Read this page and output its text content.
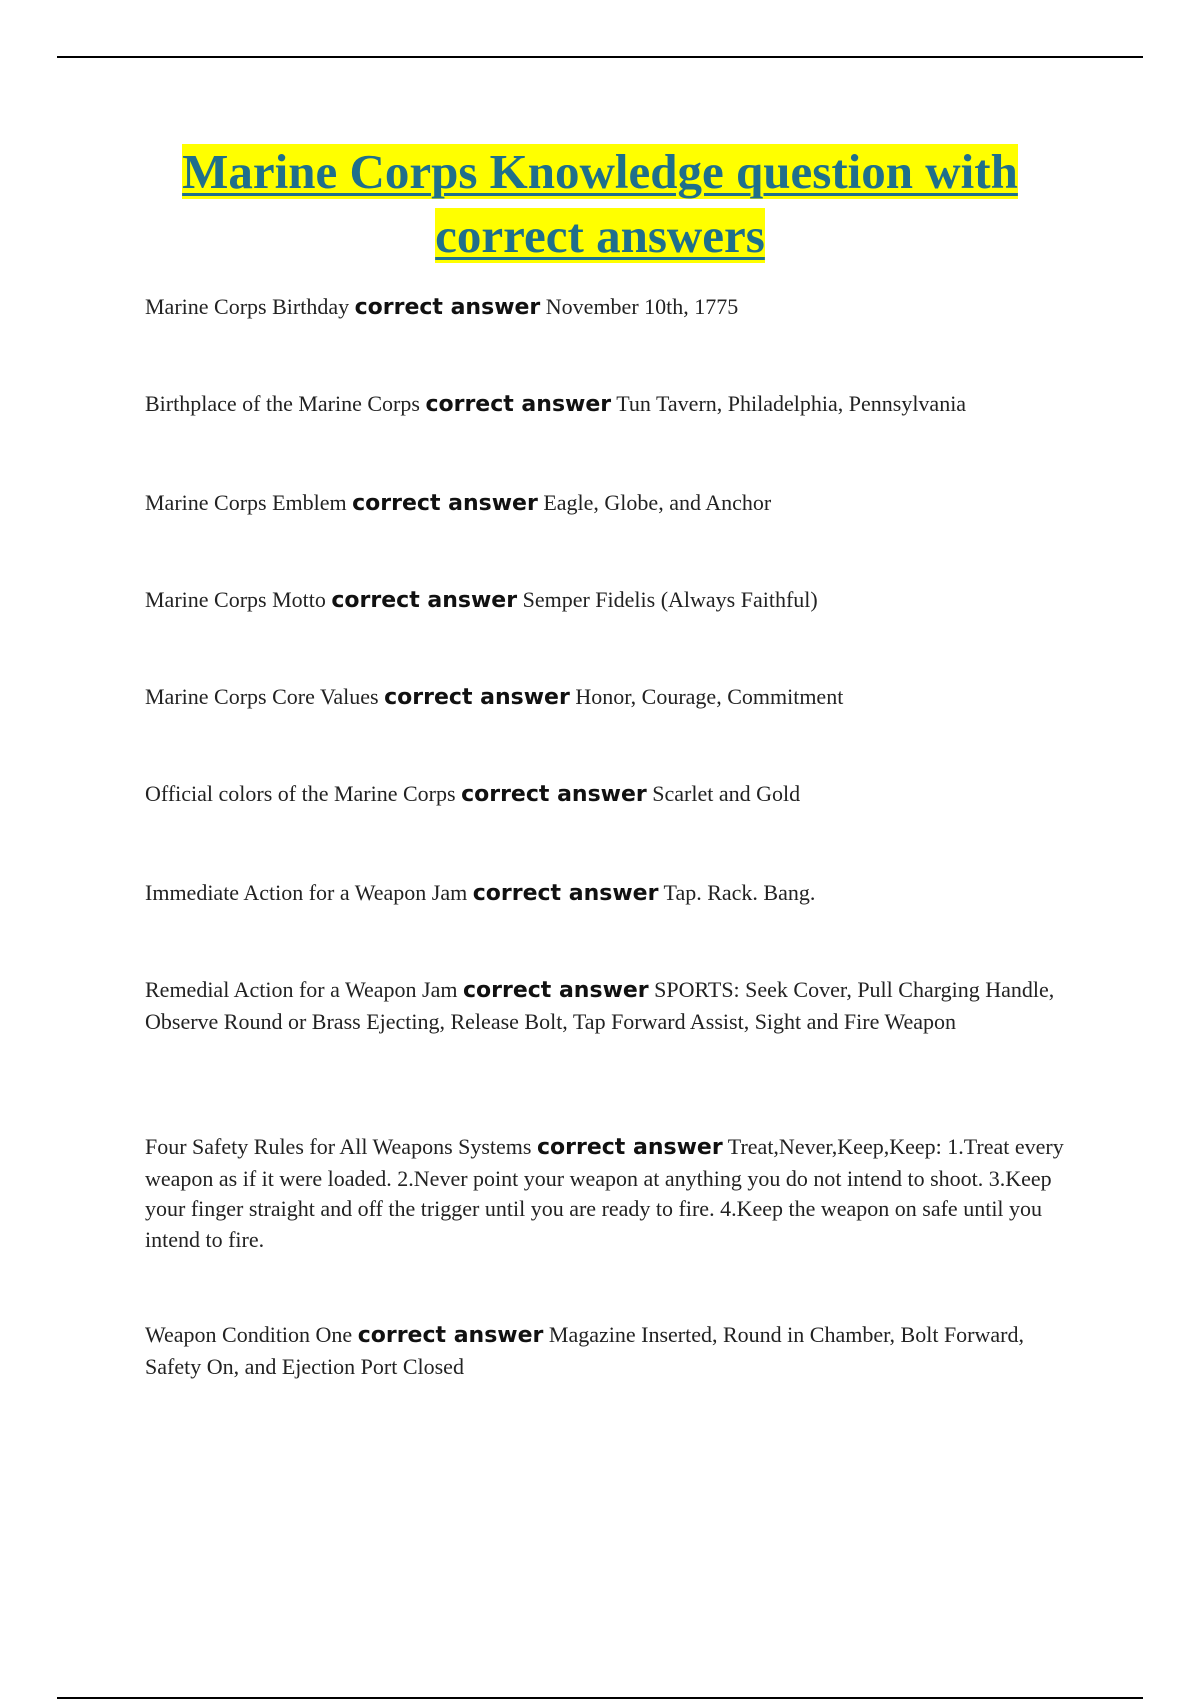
Marine Corps Knowledge question with
correct answers

Marine Corps Birthday correct answer November 10th, 1775

Birthplace of the Marine Corps correct answer Tun Tavern, Philadelphia, Pennsylvania

Marine Corps Emblem correct answer Eagle, Globe, and Anchor

Marine Corps Motto correct answer Semper Fidelis (Always Faithful)

Marine Corps Core Values correct answer Honor, Courage, Commitment

Official colors of the Marine Corps correct answer Scarlet and Gold

Immediate Action for a Weapon Jam correct answer Tap. Rack. Bang.

Remedial Action for a Weapon Jam correct answer SPORTS: Seek Cover, Pull Charging Handle, Observe Round or Brass Ejecting, Release Bolt, Tap Forward Assist, Sight and Fire Weapon

Four Safety Rules for All Weapons Systems correct answer Treat,Never,Keep,Keep: 1.Treat every weapon as if it were loaded. 2.Never point your weapon at anything you do not intend to shoot. 3.Keep your finger straight and off the trigger until you are ready to fire. 4.Keep the weapon on safe until you intend to fire.

Weapon Condition One correct answer Magazine Inserted, Round in Chamber, Bolt Forward, Safety On, and Ejection Port Closed
